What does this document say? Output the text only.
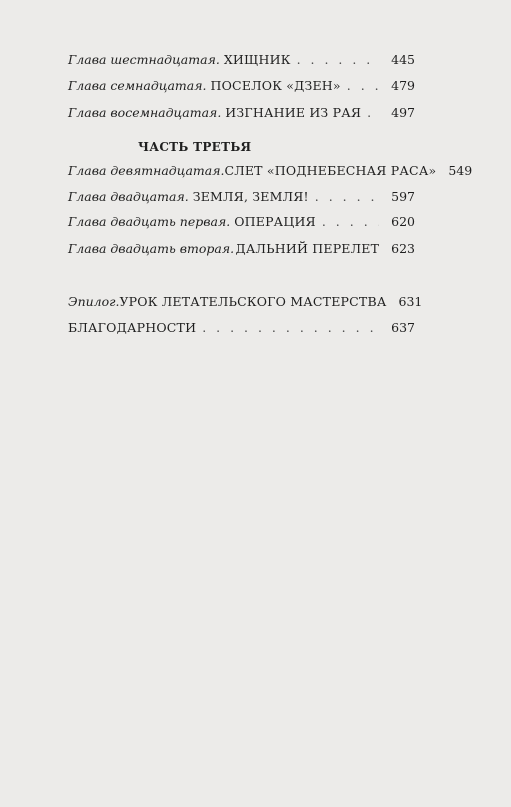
Глава шестнадцатая. ХИЩНИК . . .	445
Глава семнадцатая. ПОСЕЛОК «ДЗЕН» . . .	479
Глава восемнадцатая. ИЗГНАНИЕ ИЗ РАЯ . . .	497
ЧАСТЬ ТРЕТЬЯ
Глава девятнадцатая. СЛЕТ «ПОДНЕБЕСНАЯ РАСА» 549
Глава двадцатая. ЗЕМЛЯ, ЗЕМЛЯ! . . .	597
Глава двадцать первая. ОПЕРАЦИЯ . . .	620
Глава двадцать вторая. ДАЛЬНИЙ ПЕРЕЛЕТ 623
Эпилог. УРОК ЛЕТАТЕЛЬСКОГО МАСТЕРСТВА 631
БЛАГОДАРНОСТИ . . .	637
